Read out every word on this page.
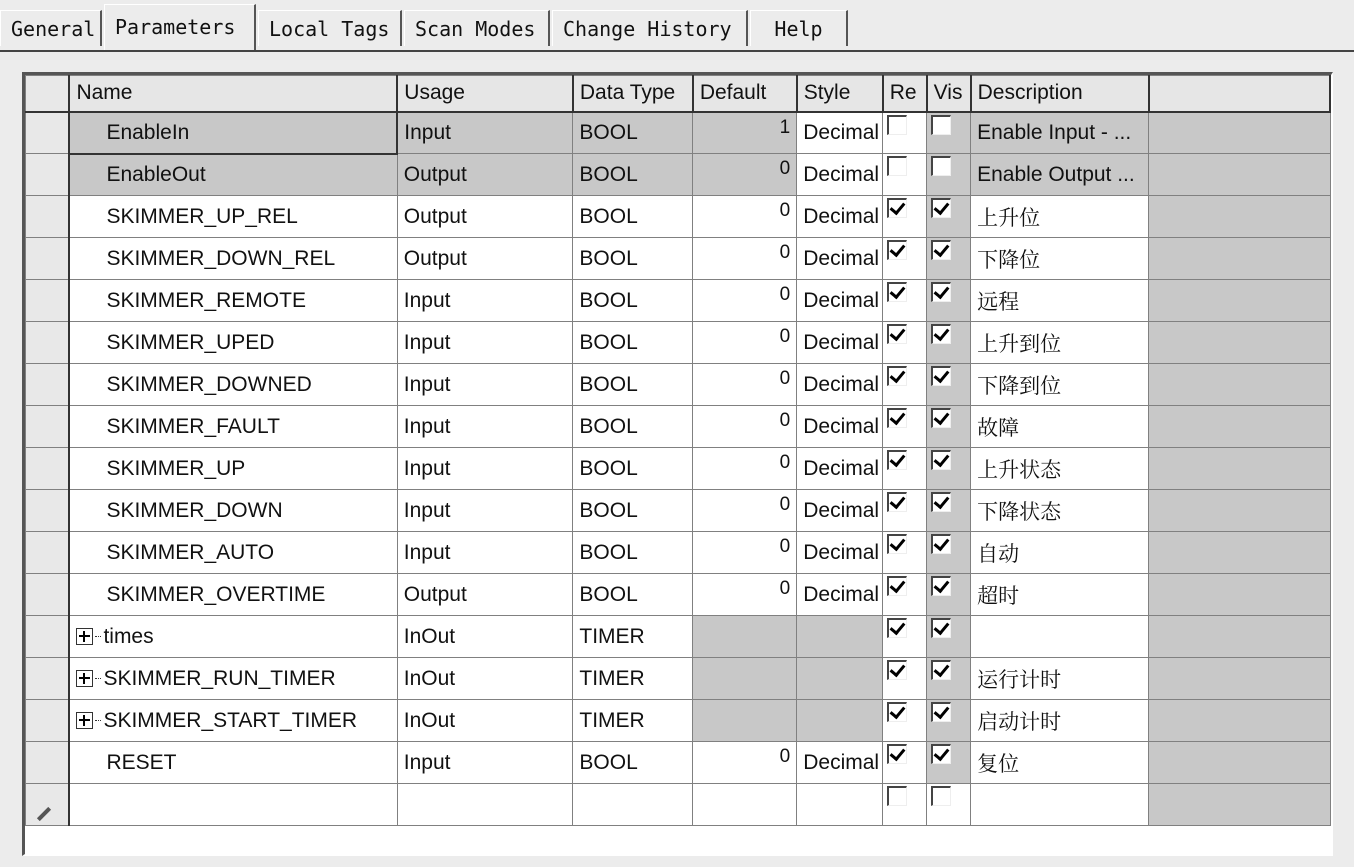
General Parameters	Local Tags	Scan Modes	Change History	Help
	Name	Usage	Data Type	Default	Style	Re	Vis	Description	
	EnableIn	Input	BOOL	1	Decimal			Enable Input - ...	
	EnableOut	Output	BOOL	0	Decimal			Enable Output ...	
	SKIMMER_UP_REL	Output	BOOL	0	Decimal			上升位	
	SKIMMER_DOWN_REL	Output	BOOL	0	Decimal			下降位	
	SKIMMER_REMOTE	Input	BOOL	0	Decimal			远程	
	SKIMMER_UPED	Input	BOOL	0	Decimal			上升到位	
	SKIMMER_DOWNED	Input	BOOL	0	Decimal			下降到位	
	SKIMMER_FAULT	Input	BOOL	0	Decimal			故障	
	SKIMMER_UP	Input	BOOL	0	Decimal			上升状态	
	SKIMMER_DOWN	Input	BOOL	0	Decimal			下降状态	
	SKIMMER_AUTO	Input	BOOL	0	Decimal			自动	
	SKIMMER_OVERTIME	Output	BOOL	0	Decimal			超时	
	times	InOut	TIMER						
	SKIMMER_RUN_TIMER	InOut	TIMER					运行计时	
	SKIMMER_START_TIMER	InOut	TIMER					启动计时	
	RESET	Input	BOOL	0	Decimal			复位	
